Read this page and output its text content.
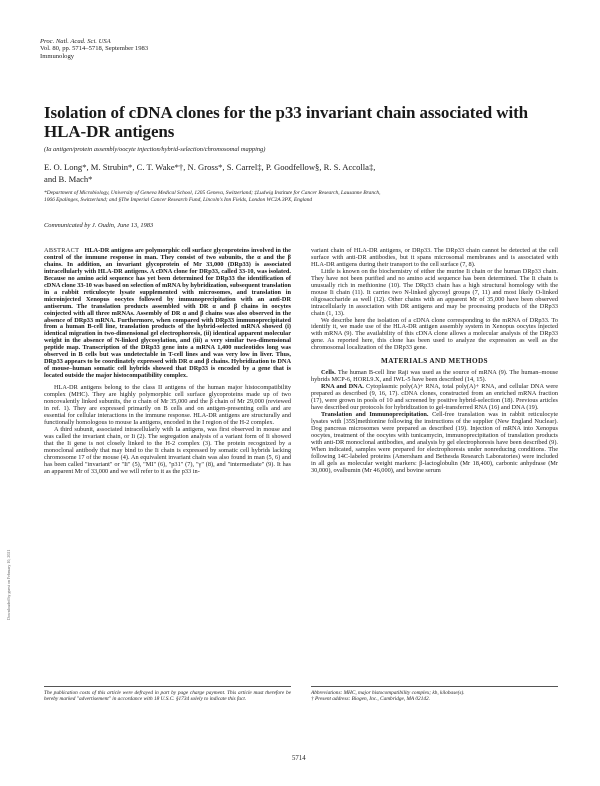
Proc. Natl. Acad. Sci. USA
Vol. 80, pp. 5714–5718, September 1983
Immunology
Isolation of cDNA clones for the p33 invariant chain associated with HLA-DR antigens
(Ia antigen/protein assembly/oocyte injection/hybrid-selection/chromosomal mapping)
E. O. Long*, M. Strubin*, C. T. Wake*†, N. Gross*, S. Carrel‡, P. Goodfellow§, R. S. Accolla‡,
and B. Mach*
*Department of Microbiology, University of Geneva Medical School, 1205 Geneva, Switzerland; ‡Ludwig Institute for Cancer Research, Lausanne Branch,
1066 Epalinges, Switzerland; and §The Imperial Cancer Research Fund, Lincoln's Inn Fields, London WC2A 3PX, England
Communicated by J. Oudin, June 13, 1983

ABSTRACT HLA-DR antigens are polymorphic cell surface glycoproteins involved in the control of the immune response in man. They consist of two subunits, the α and the β chains. In addition, an invariant glycoprotein of Mr 33,000 (DRp33) is associated intracellularly with HLA-DR antigens. A cDNA clone for DRp33, called 33-10, was isolated. Because no amino acid sequence has yet been determined for DRp33 the identification of cDNA clone 33-10 was based on selection of mRNA by hybridization, subsequent translation in a rabbit reticulocyte lysate supplemented with microsomes, and translation in microinjected Xenopus oocytes followed by immunoprecipitation with an anti-DR antiserum. The translation products assembled with DR α and β chains in oocytes coinjected with all three mRNAs. Assembly of DR α and β chains was also observed in the absence of DRp33 mRNA. Furthermore, when compared with DRp33 immunoprecipitated from a human B-cell line, translation products of the hybrid-selected mRNA showed (i) identical migration in two-dimensional gel electrophoresis, (ii) identical apparent molecular weight in the absence of N-linked glycosylation, and (iii) a very similar two-dimensional peptide map. Transcription of the DRp33 gene into a mRNA 1,400 nucleotides long was observed in B cells but was undetectable in T-cell lines and was very low in liver. Thus, DRp33 appears to be coordinately expressed with DR α and β chains. Hybridization to DNA of mouse–human somatic cell hybrids showed that DRp33 is encoded by a gene that is located outside the major histocompatibility complex.

HLA-DR antigens belong to the class II antigens of the human major histocompatibility complex (MHC). They are highly polymorphic cell surface glycoproteins made up of two noncovalently linked subunits, the α chain of Mr 35,000 and the β chain of Mr 29,000 (reviewed in ref. 1). They are expressed primarily on B cells and on antigen-presenting cells and are essential for cellular interactions in the immune response. HLA-DR antigens are structurally and functionally homologous to mouse Ia antigens, encoded in the I region of the H-2 complex.

A third subunit, associated intracellularly with Ia antigens, was first observed in mouse and was called the invariant chain, or Ii (2). The segregation analysis of a variant form of Ii showed that the Ii gene is not closely linked to the H-2 complex (3). The protein recognized by a monoclonal antibody that may bind to the Ii chain is expressed by somatic cell hybrids lacking chromosome 17 of the mouse (4). An equivalent invariant chain was also found in man (5, 6) and has been called "invariant" or "Ii" (5), "MI" (6), "p31" (7), "γ" (8), and "intermediate" (9). It has an apparent Mr of 33,000 and we will refer to it as the p33 in-

variant chain of HLA-DR antigens, or DRp33. The DRp33 chain cannot be detected at the cell surface with anti-DR antibodies, but it spans microsomal membranes and is associated with HLA-DR antigens during their transport to the cell surface (7, 8).

Little is known on the biochemistry of either the murine Ii chain or the human DRp33 chain. They have not been purified and no amino acid sequence has been determined. The Ii chain is unusually rich in methionine (10). The DRp33 chain has a high structural homology with the mouse Ii chain (11). It carries two N-linked glycosyl groups (7, 11) and most likely O-linked oligosaccharide as well (12). Other chains with an apparent Mr of 35,000 have been observed intracellularly in association with DR antigens and may be processing products of the DRp33 chain (1, 13).

We describe here the isolation of a cDNA clone corresponding to the mRNA of DRp33. To identify it, we made use of the HLA-DR antigen assembly system in Xenopus oocytes injected with mRNA (9). The availability of this cDNA clone allows a molecular analysis of the DRp33 gene. As reported here, this clone has been used to analyze the expression as well as the chromosomal localization of the DRp33 gene.

MATERIALS AND METHODS

Cells. The human B-cell line Raji was used as the source of mRNA (9). The human–mouse hybrids MCP-6, HORL9.X, and IWL-5 have been described (14, 15).

RNA and DNA. Cytoplasmic poly(A)+ RNA, total poly(A)+ RNA, and cellular DNA were prepared as described (9, 16, 17). cDNA clones, constructed from an enriched mRNA fraction (17), were grown in pools of 10 and screened by positive hybrid-selection (18). Previous articles have described our protocols for hybridization to gel-transferred RNA (16) and DNA (19).

Translation and Immunoprecipitation. Cell-free translation was in rabbit reticulocyte lysates with [35S]methionine following the instructions of the supplier (New England Nuclear). Dog pancreas microsomes were prepared as described (19). Injection of mRNA into Xenopus oocytes, treatment of the oocytes with tunicamycin, immunoprecipitation of translation products with anti-DR monoclonal antibodies, and analysis by gel electrophoresis have been described (9). When indicated, samples were prepared for electrophoresis under nonreducing conditions. The following 14C-labeled proteins (Amersham and Bethesda Research Laboratories) were included in all gels as molecular weight markers: β-lactoglobulin (Mr 18,400), carbonic anhydrase (Mr 30,000), ovalbumin (Mr 46,000), and bovine serum

The publication costs of this article were defrayed in part by page charge payment. This article must therefore be hereby marked "advertisement" in accordance with 18 U.S.C. §1734 solely to indicate this fact.
Abbreviations: MHC, major histocompatibility complex; kb, kilobase(s).
† Present address: Biogen, Inc., Cambridge, MA 02142.
5714
Downloaded by guest on February 10, 2021
